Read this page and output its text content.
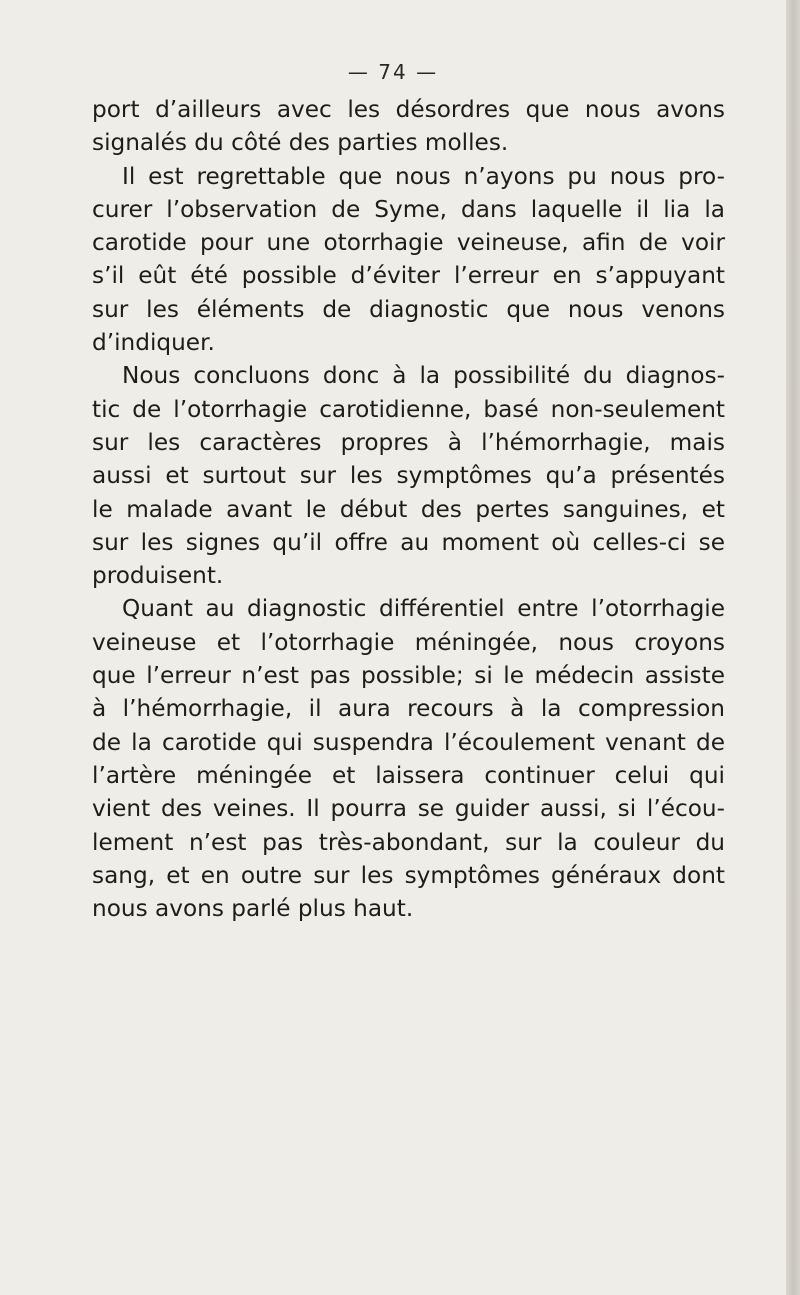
— 74 —
port d’ailleurs avec les désordres que nous avons
signalés du côté des parties molles.
Il est regrettable que nous n’ayons pu nous pro-
curer l’observation de Syme, dans laquelle il lia la
carotide pour une otorrhagie veineuse, afin de voir
s’il eût été possible d’éviter l’erreur en s’appuyant
sur les éléments de diagnostic que nous venons
d’indiquer.
Nous concluons donc à la possibilité du diagnos-
tic de l’otorrhagie carotidienne, basé non-seulement
sur les caractères propres à l’hémorrhagie, mais
aussi et surtout sur les symptômes qu’a présentés
le malade avant le début des pertes sanguines, et
sur les signes qu’il offre au moment où celles-ci se
produisent.
Quant au diagnostic différentiel entre l’otorrhagie
veineuse et l’otorrhagie méningée, nous croyons
que l’erreur n’est pas possible; si le médecin assiste
à l’hémorrhagie, il aura recours à la compression
de la carotide qui suspendra l’écoulement venant de
l’artère méningée et laissera continuer celui qui
vient des veines. Il pourra se guider aussi, si l’écou-
lement n’est pas très-abondant, sur la couleur du
sang, et en outre sur les symptômes généraux dont
nous avons parlé plus haut.
